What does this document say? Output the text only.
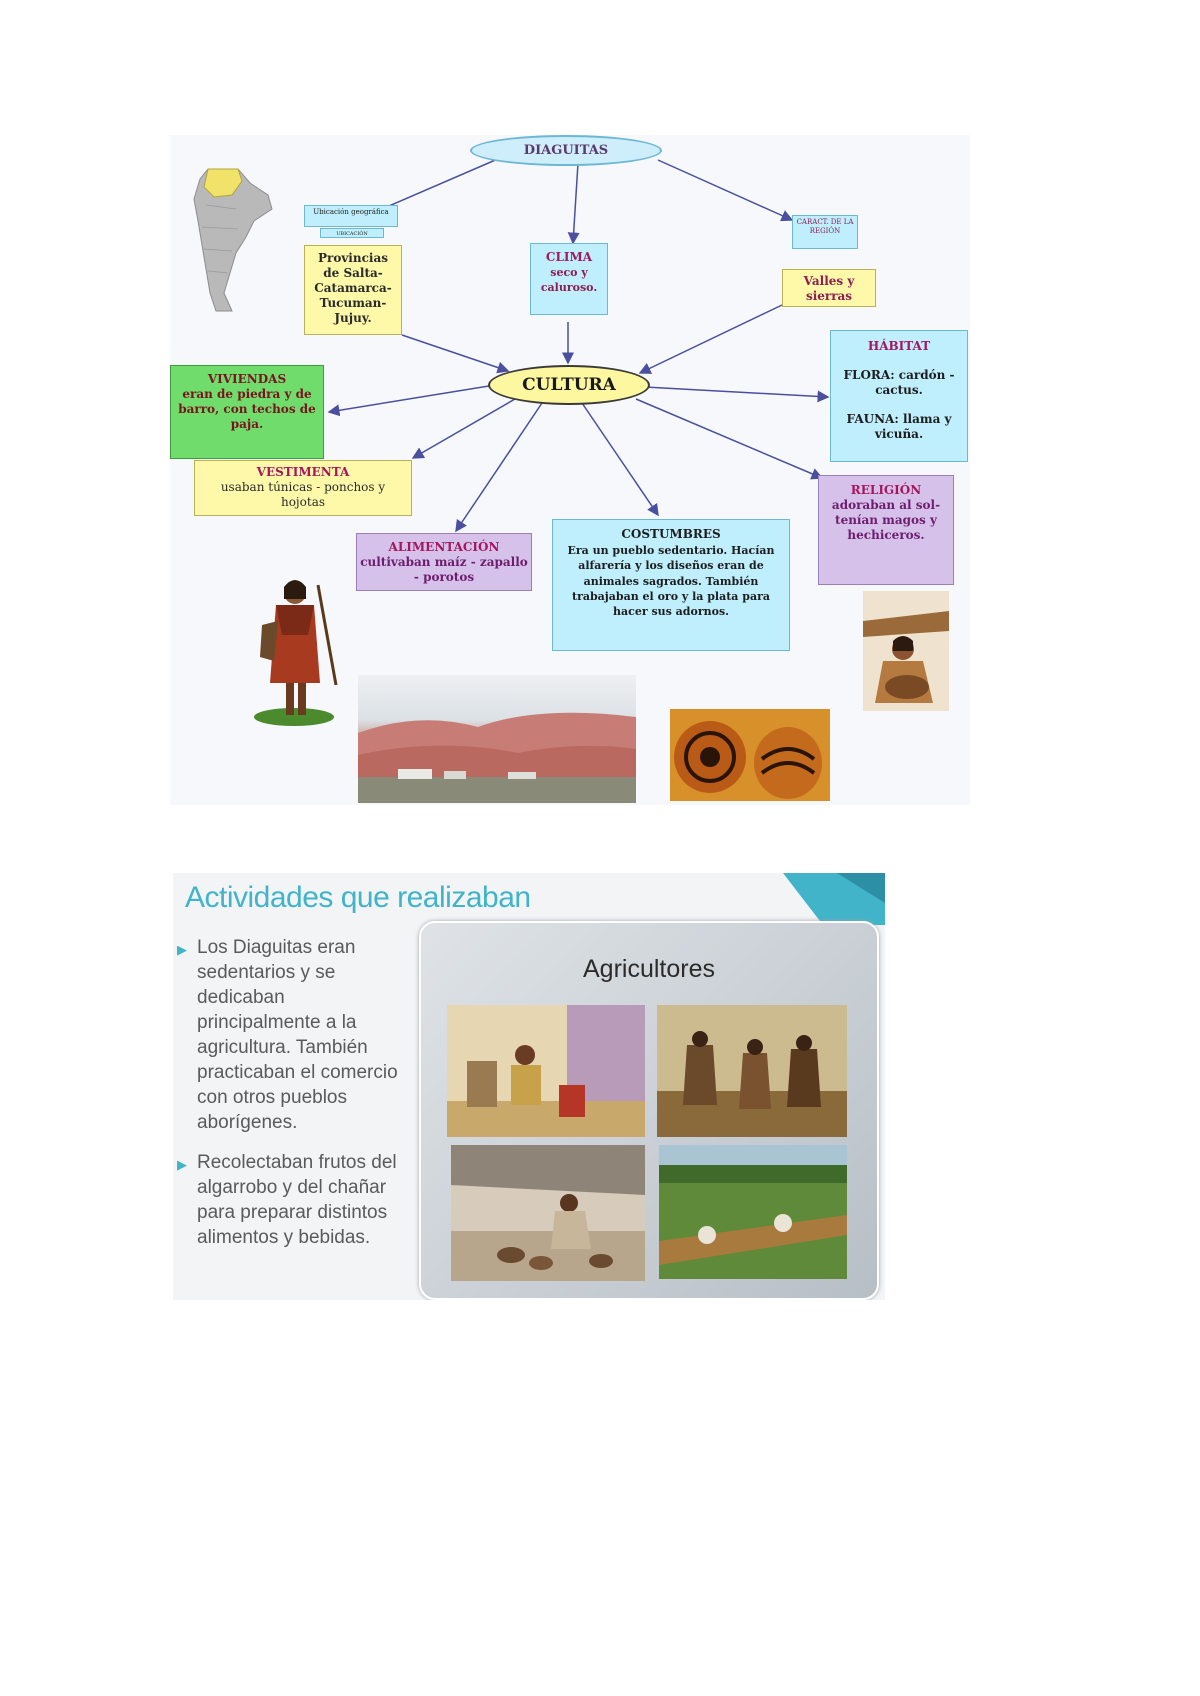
DIAGUITAS
Ubicación geográfica
UBICACIÓN
Provincias de Salta- Catamarca- Tucuman- Jujuy.
CLIMA
seco y caluroso.
CARACT. DE LA REGIÓN
Valles y sierras
CULTURA
VIVIENDAS
eran de piedra y de barro, con techos de paja.
HÁBITAT
FLORA: cardón - cactus.
FAUNA: llama y vicuña.
VESTIMENTA
usaban túnicas - ponchos y hojotas
RELIGIÓN
adoraban al sol- tenían magos y hechiceros.
ALIMENTACIÓN
cultivaban maíz - zapallo - porotos
COSTUMBRES
Era un pueblo sedentario. Hacían alfarería y los diseños eran de animales sagrados. También trabajaban el oro y la plata para hacer sus adornos.
Actividades que realizaban
▶ Los Diaguitas eran sedentarios y se dedicaban principalmente a la agricultura. También practicaban el comercio con otros pueblos aborígenes.
▶ Recolectaban frutos del algarrobo y del chañar para preparar distintos alimentos y bebidas.
Agricultores
